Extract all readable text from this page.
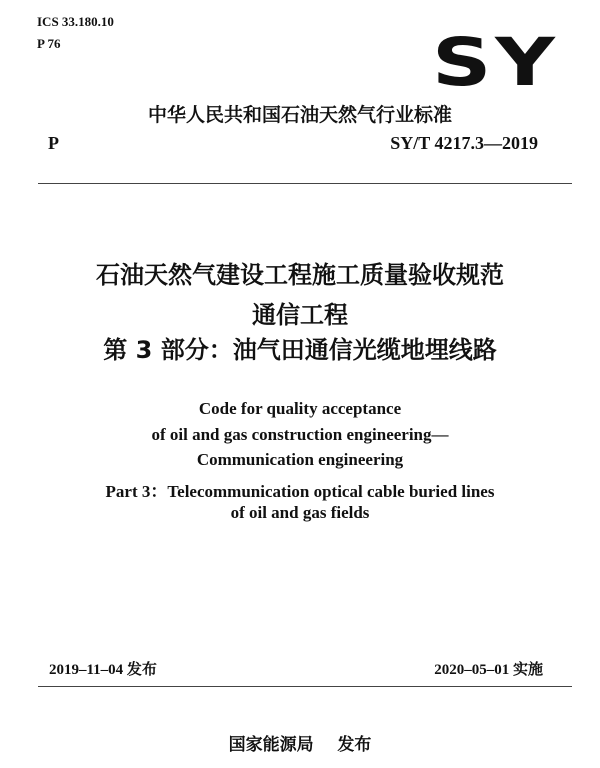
ICS 33.180.10
P 76	SY
中华人民共和国石油天然气行业标准
P	SY/T 4217.3—2019
石油天然气建设工程施工质量验收规范
通信工程
第 3 部分：油气田通信光缆地埋线路
Code for quality acceptance
of oil and gas construction engineering—
Communication engineering
Part 3：Telecommunication optical cable buried lines
of oil and gas fields
2019–11–04 发布	2020–05–01 实施
国家能源局    发布
